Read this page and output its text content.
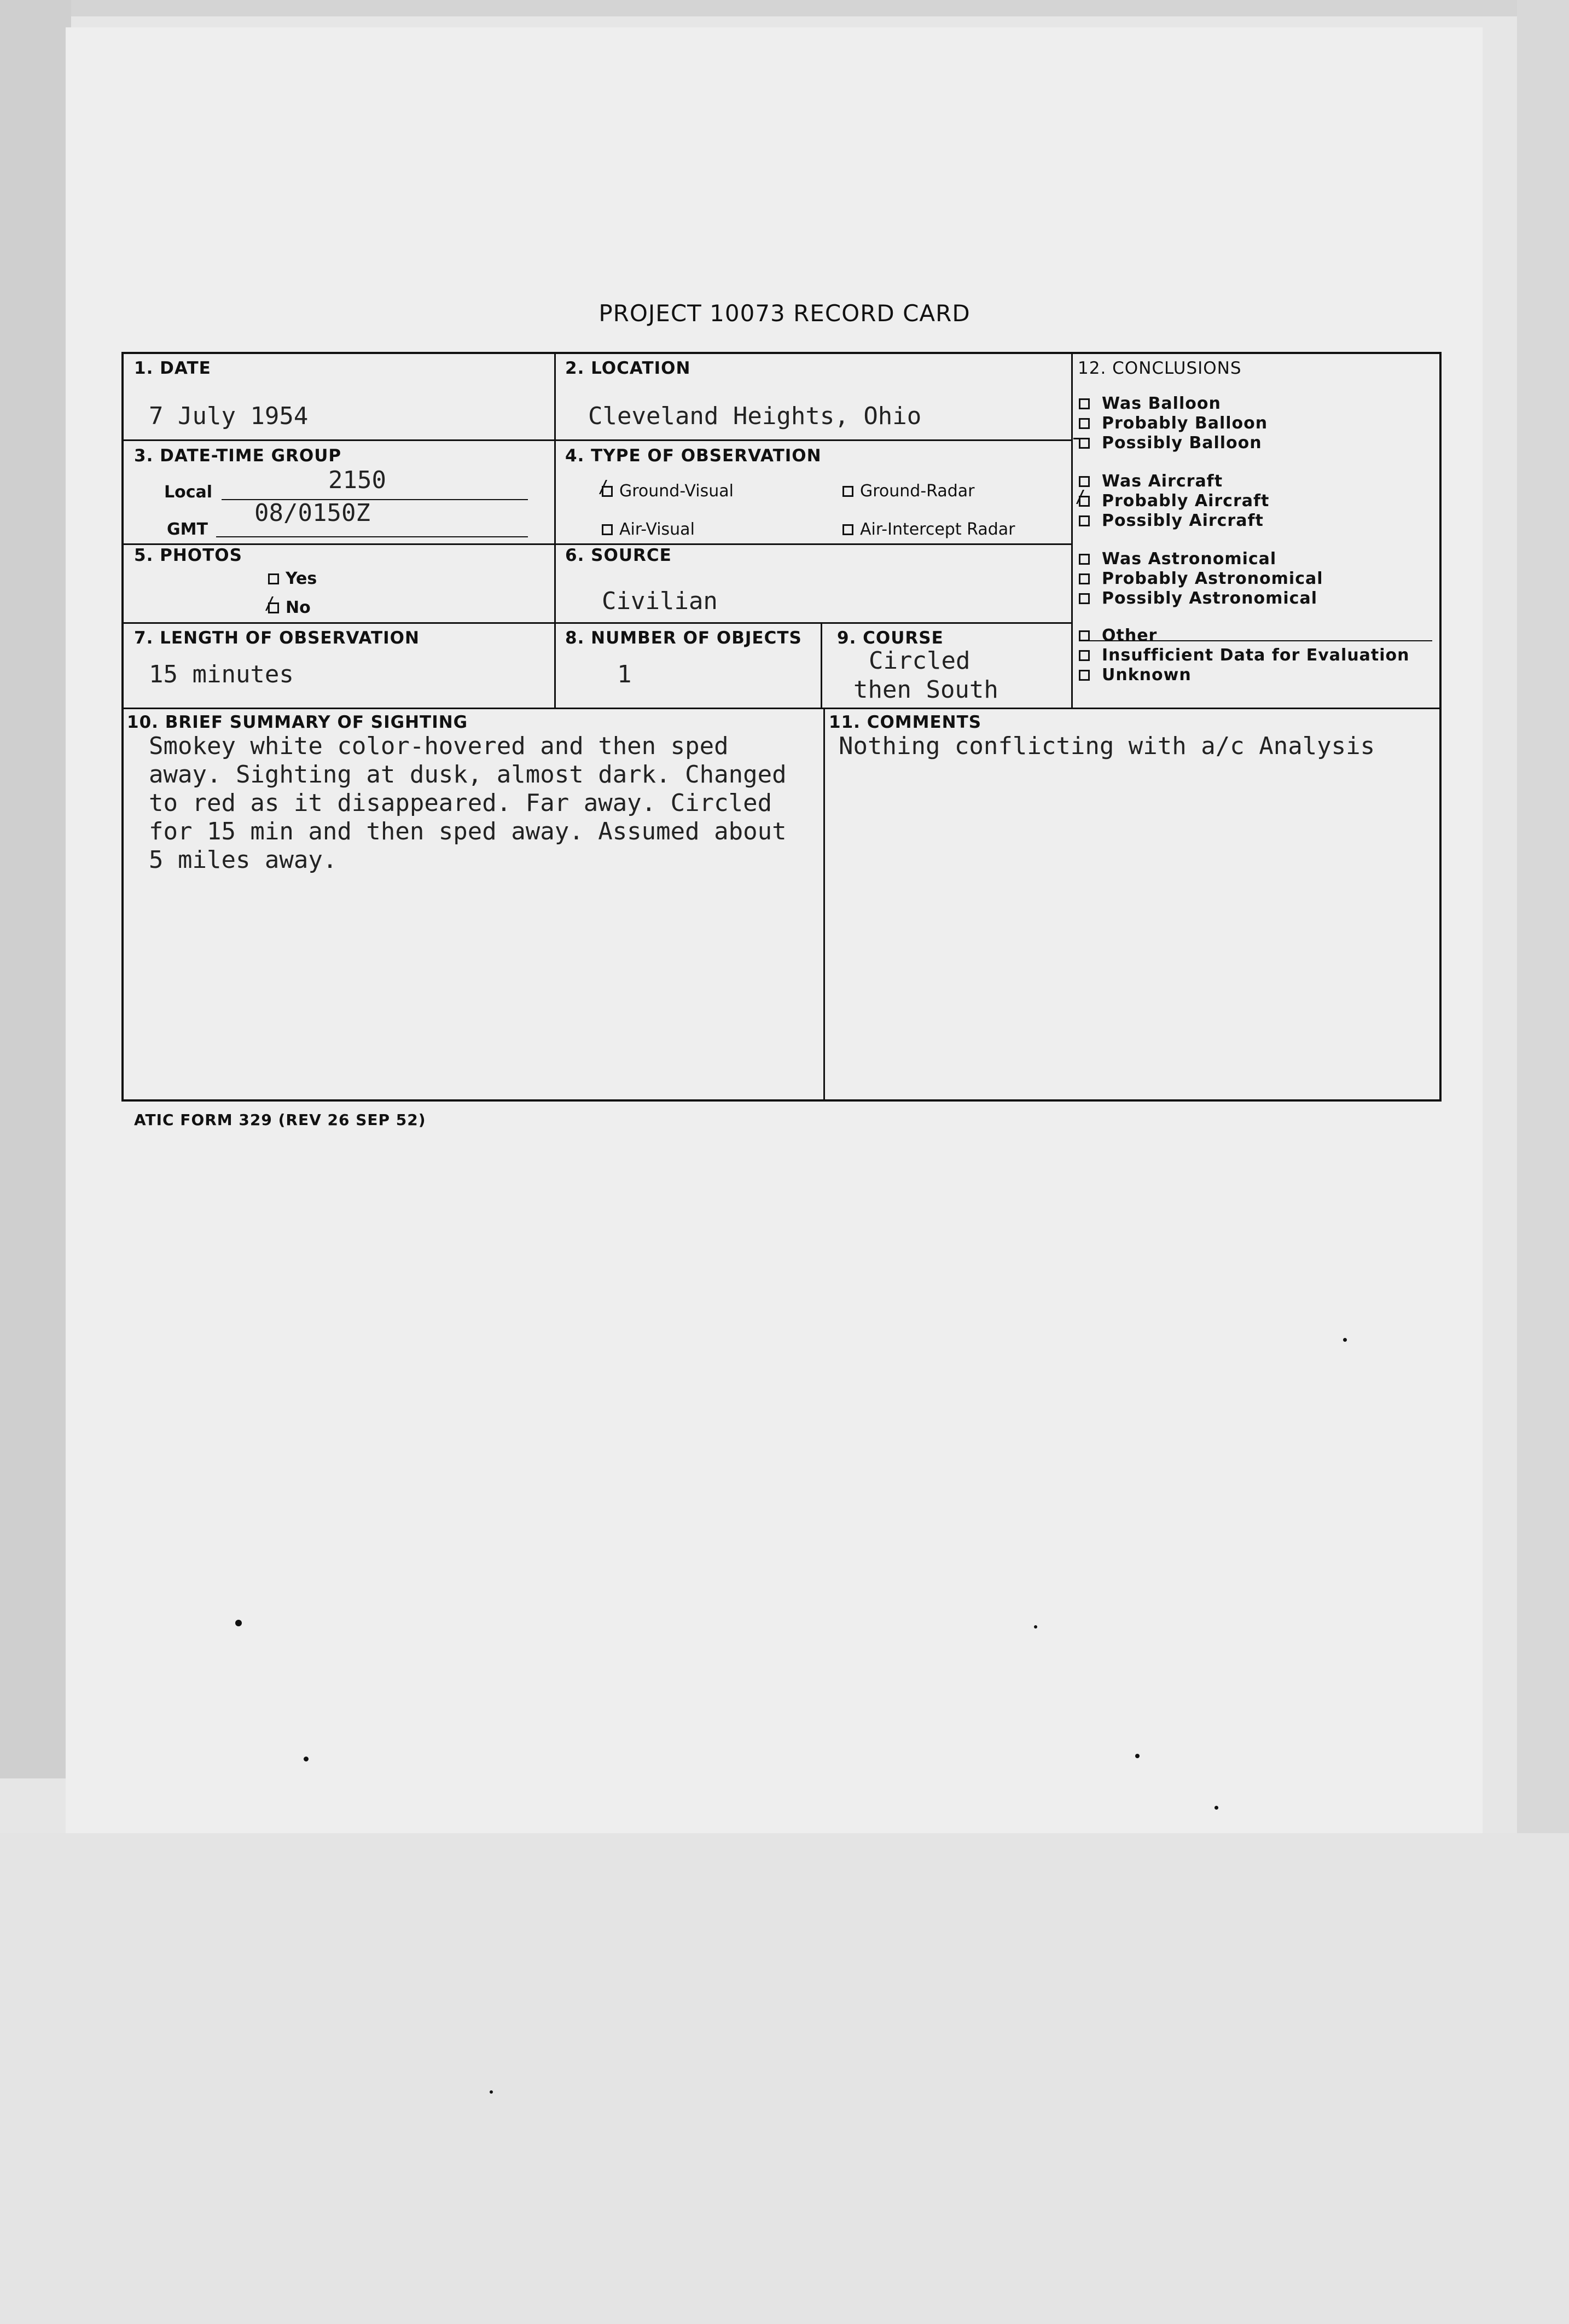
PROJECT 10073 RECORD CARD
1. DATE
7 July 1954
2. LOCATION
Cleveland Heights, Ohio
3. DATE-TIME GROUP
Local	2150
GMT
08/0150Z
4. TYPE OF OBSERVATION
Ground-Visual	Ground-Radar
Air-Visual	Air-Intercept Radar
5. PHOTOS
Yes
No
6. SOURCE
Civilian
7. LENGTH OF OBSERVATION
15 minutes
8. NUMBER OF OBJECTS
1
9. COURSE
Circled
then South
10. BRIEF SUMMARY OF SIGHTING
Smokey white color-hovered and then sped
away. Sighting at dusk, almost dark. Changed
to red as it disappeared. Far away. Circled
for 15 min and then sped away. Assumed about
5 miles away.
11. COMMENTS
Nothing conflicting with a/c Analysis
12. CONCLUSIONS
Was Balloon
Probably Balloon
Possibly Balloon
Was Aircraft
Probably Aircraft
Possibly Aircraft
Was Astronomical
Probably Astronomical
Possibly Astronomical
Other
Insufficient Data for Evaluation
Unknown
ATIC FORM 329 (REV 26 SEP 52)
